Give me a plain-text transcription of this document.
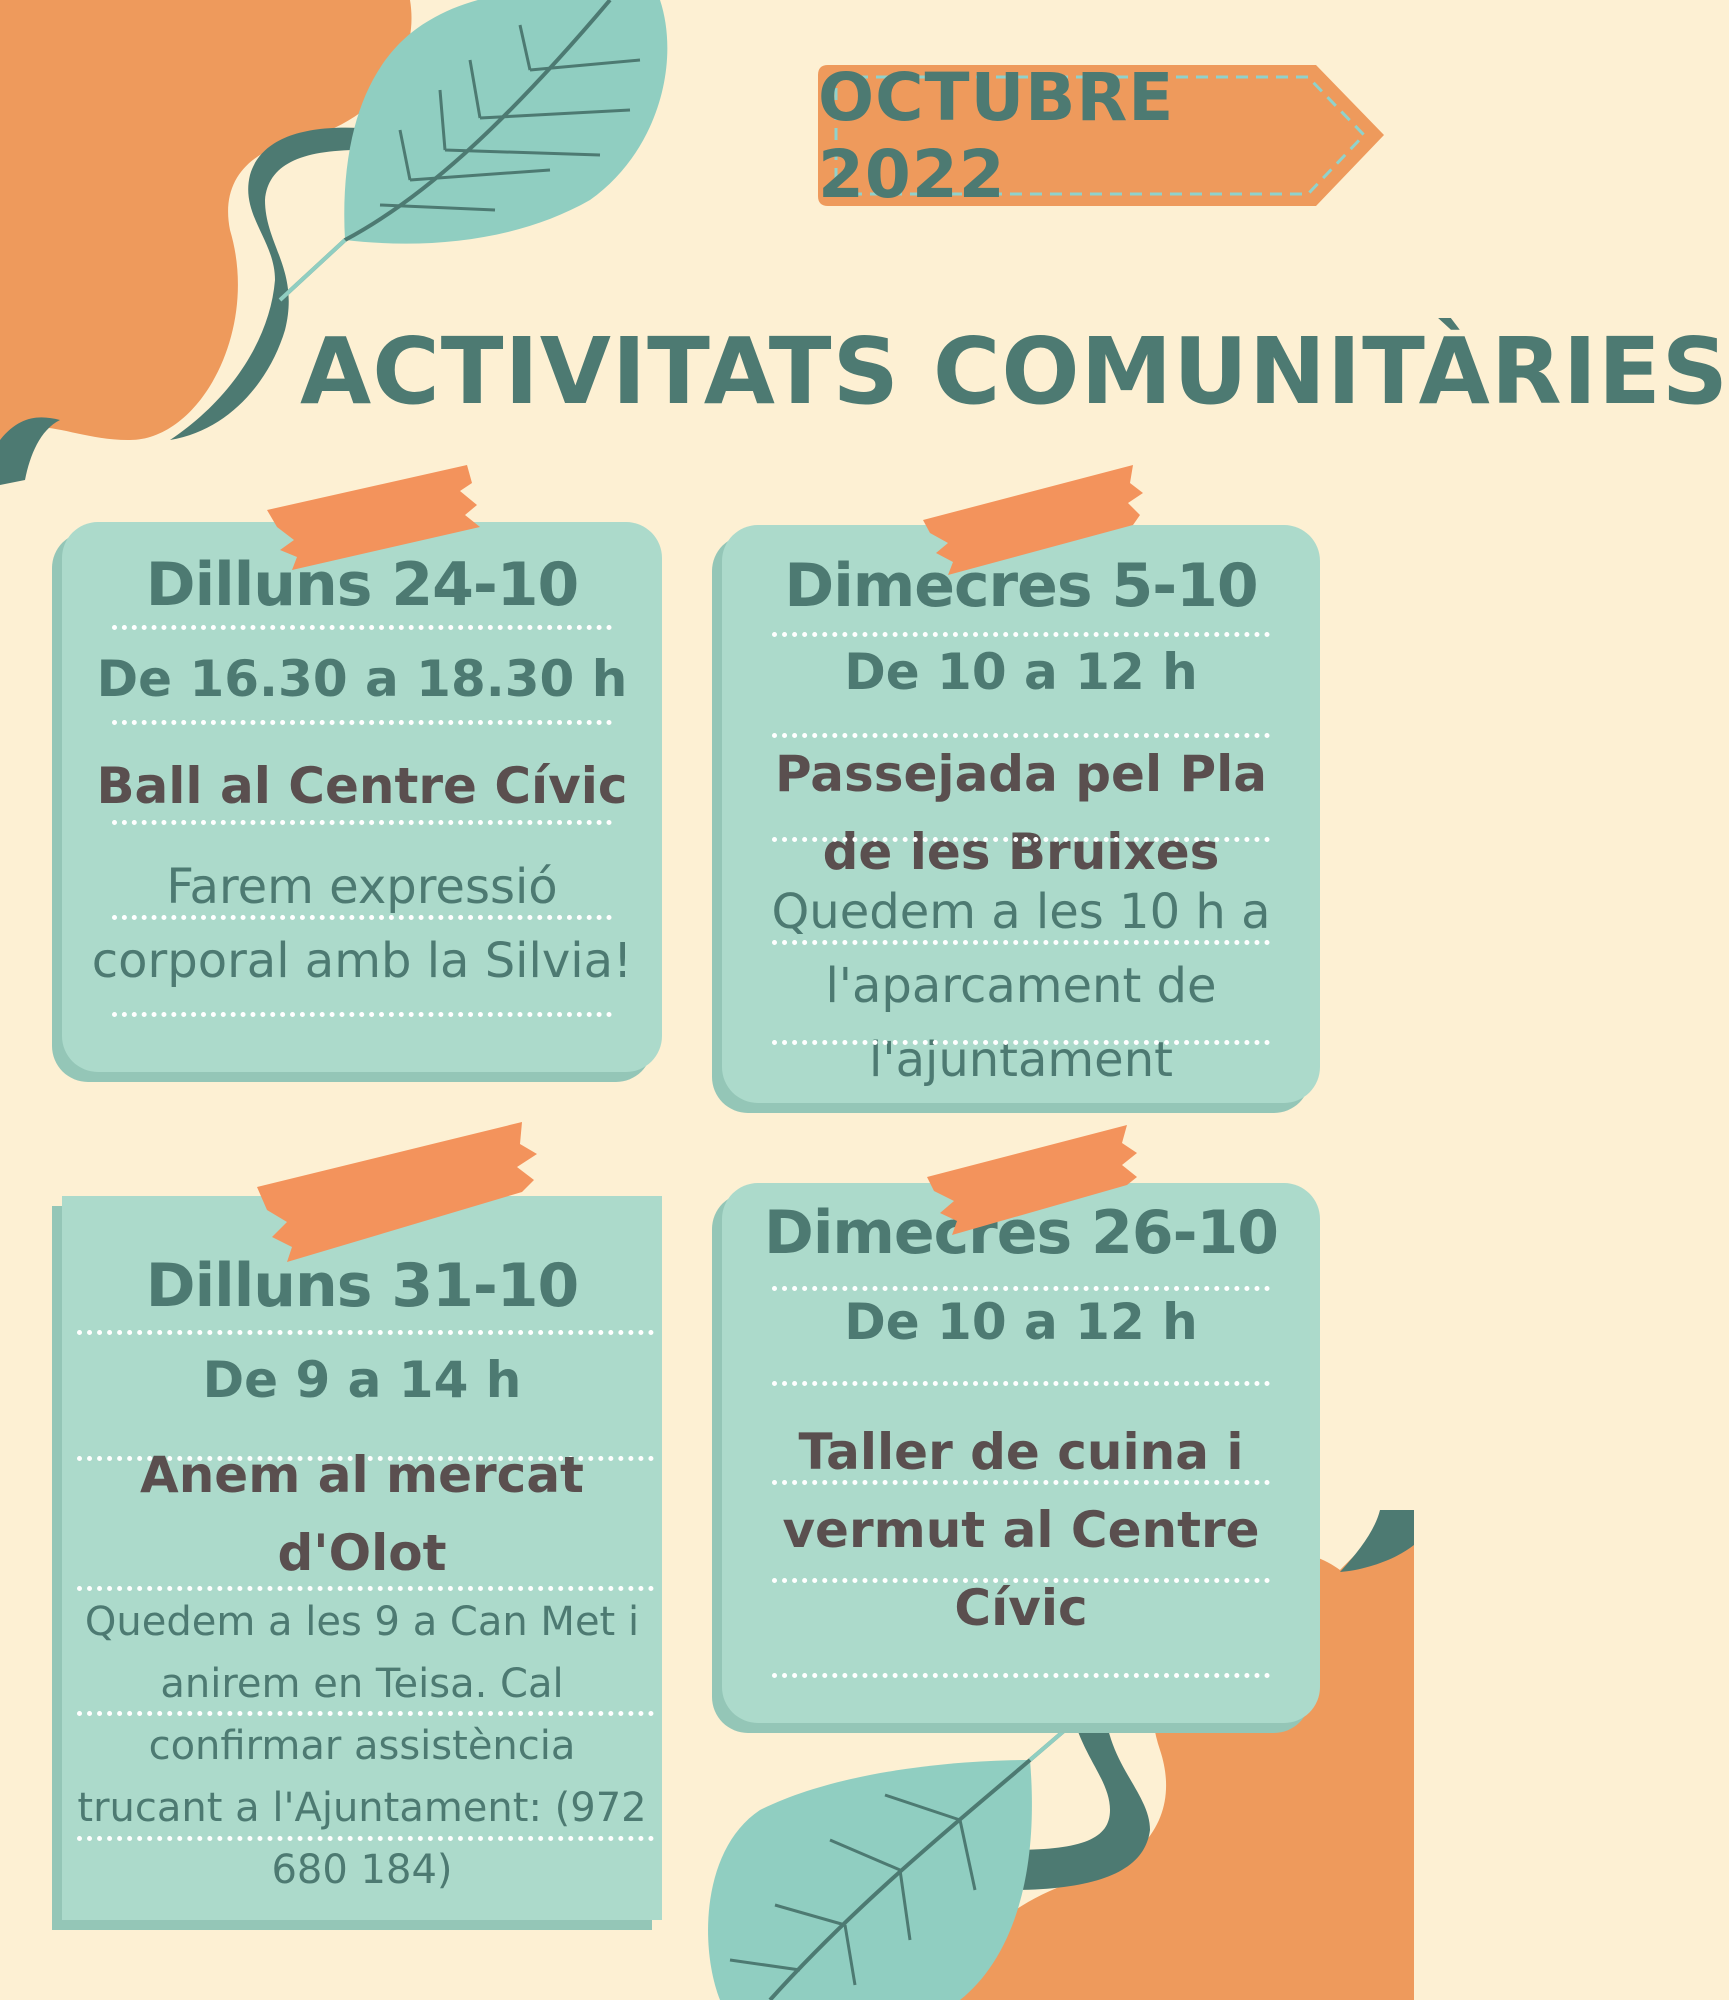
OCTUBRE 2022
ACTIVITATS COMUNITÀRIES
Dilluns 24-10
De 16.30 a 18.30 h
Ball al Centre Cívic
Farem expressió corporal amb la Silvia!
Dimecres 5-10
De 10 a 12 h
Passejada pel Pla de les Bruixes
Quedem a les 10 h a l'aparcament de l'ajuntament
Dilluns 31-10
De 9 a 14 h
Anem al mercat d'Olot
Quedem a les 9 a Can Met i anirem en Teisa. Cal confirmar assistència trucant a l'Ajuntament: (972 680 184)
Dimecres 26-10
De 10 a 12 h
Taller de cuina i vermut al Centre Cívic
